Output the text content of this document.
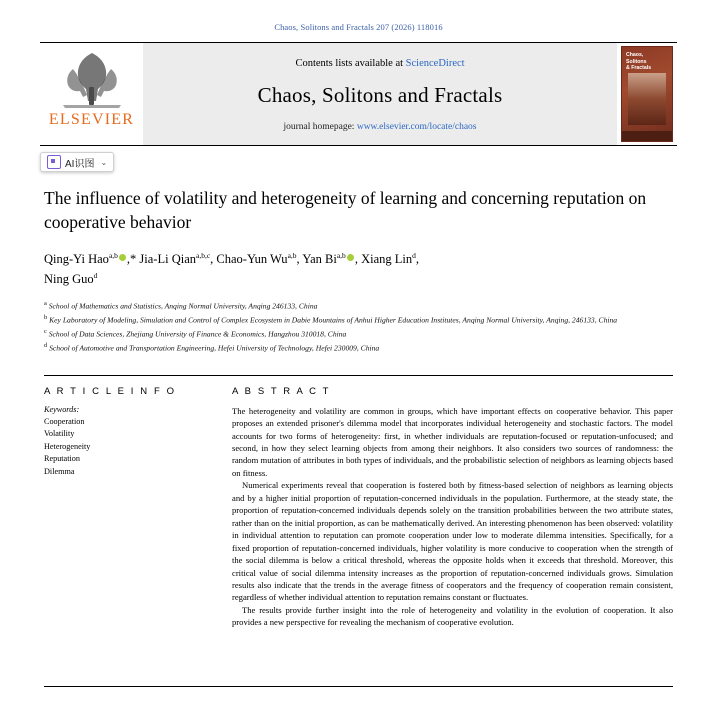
Chaos, Solitons and Fractals 207 (2026) 118016
ELSEVIER
Contents lists available at ScienceDirect
Chaos, Solitons and Fractals
journal homepage: www.elsevier.com/locate/chaos
Chaos,
Solitons
& Fractals
AI识图 ⌄
The influence of volatility and heterogeneity of learning and concerning reputation on cooperative behavior
Qing-Yi Hao$^{a,b}$ ,* Jia-Li Qian$^{a,b,c}$, Chao-Yun Wu$^{a,b}$, Yan Bi$^{a,b}$ , Xiang Lin$^d$,
Ning Guo$^d$
$^a$ School of Mathematics and Statistics, Anqing Normal University, Anqing 246133, China
$^b$ Key Laboratory of Modeling, Simulation and Control of Complex Ecosystem in Dabie Mountains of Anhui Higher Education Institutes, Anqing Normal University, Anqing, 246133, China
$^c$ School of Data Sciences, Zhejiang University of Finance & Economics, Hangzhou 310018, China
$^d$ School of Automotive and Transportation Engineering, Hefei University of Technology, Hefei 230009, China
A R T I C L E I N F O
Keywords:
Cooperation
Volatility
Heterogeneity
Reputation
Dilemma
A B S T R A C T

The heterogeneity and volatility are common in groups, which have important effects on cooperative behavior. This paper proposes an extended prisoner's dilemma model that incorporates individual heterogeneity and stochastic factors. The model accounts for two forms of heterogeneity: first, in whether individuals are reputation-focused or reputation-unfocused; and second, in how they select learning objects from among their neighbors. It also considers two sources of randomness: the random mutation of attributes in both types of individuals, and the probabilistic selection of neighbors as learning objects based on fitness.

Numerical experiments reveal that cooperation is fostered both by fitness-based selection of neighbors as learning objects and by a higher initial proportion of reputation-concerned individuals in the population. Furthermore, at the steady state, the proportion of reputation-concerned individuals depends solely on the transition probabilities between the two attribute states, rather than on the initial proportion, as can be mathematically derived. An interesting phenomenon has been observed: volatility in individual attention to reputation can promote cooperation under low to moderate dilemma intensities. Specifically, for a fixed proportion of reputation-concerned individuals, higher volatility is more conducive to cooperation when the strength of the social dilemma is below a critical threshold, whereas the opposite holds when it exceeds that threshold. Moreover, this critical value of social dilemma intensity increases as the proportion of reputation-concerned individuals grows. Simulation results also indicate that the trends in the average fitness of cooperators and the frequency of cooperation remain consistent, regardless of whether individual attention to reputation remains constant or fluctuates.

The results provide further insight into the role of heterogeneity and volatility in the evolution of cooperation. It also provides a new perspective for revealing the mechanism of cooperative evolution.
